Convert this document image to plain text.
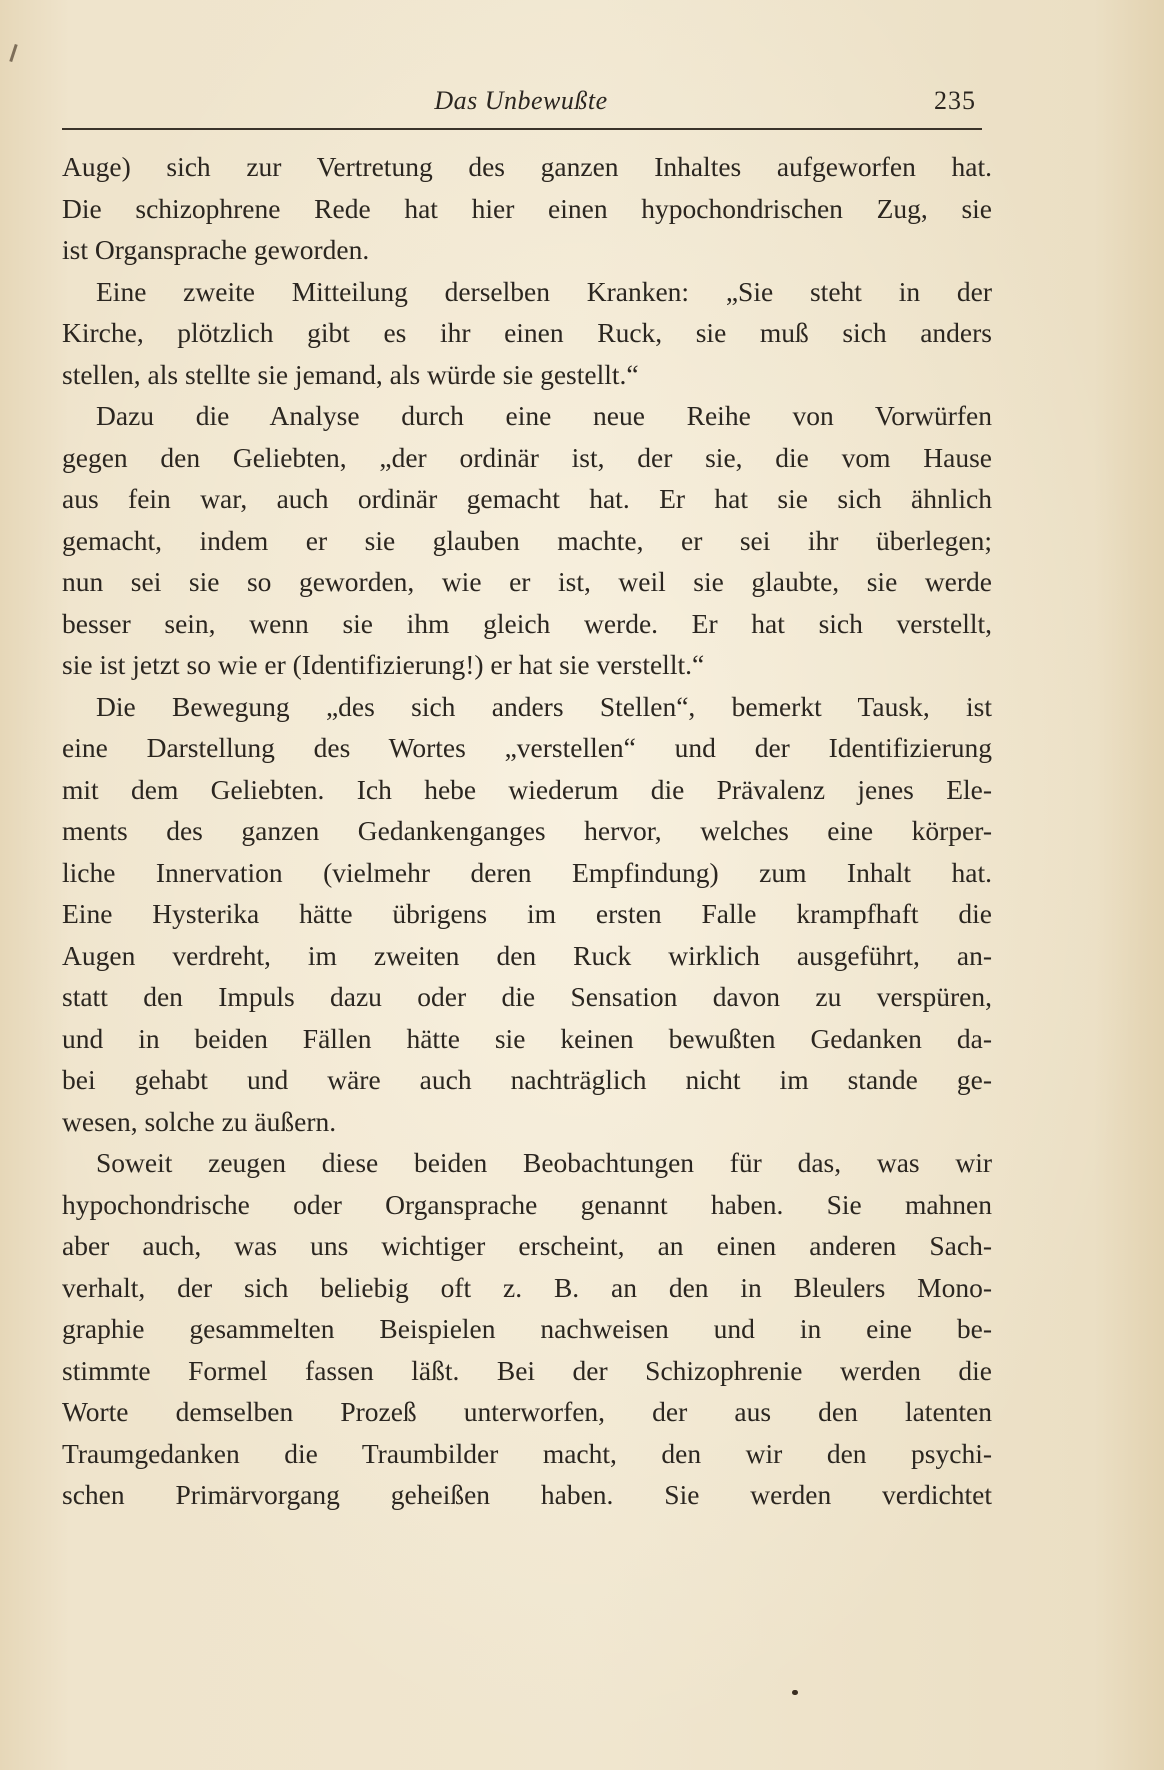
Das Unbewußte	235
Auge) sich zur Vertretung des ganzen Inhaltes aufgeworfen hat.
Die schizophrene Rede hat hier einen hypochondrischen Zug, sie
ist Organsprache geworden.
Eine zweite Mitteilung derselben Kranken: „Sie steht in der
Kirche, plötzlich gibt es ihr einen Ruck, sie muß sich anders
stellen, als stellte sie jemand, als würde sie gestellt.“
Dazu die Analyse durch eine neue Reihe von Vorwürfen
gegen den Geliebten, „der ordinär ist, der sie, die vom Hause
aus fein war, auch ordinär gemacht hat. Er hat sie sich ähnlich
gemacht, indem er sie glauben machte, er sei ihr überlegen;
nun sei sie so geworden, wie er ist, weil sie glaubte, sie werde
besser sein, wenn sie ihm gleich werde. Er hat sich verstellt,
sie ist jetzt so wie er (Identifizierung!) er hat sie verstellt.“
Die Bewegung „des sich anders Stellen“, bemerkt Tausk, ist
eine Darstellung des Wortes „verstellen“ und der Identifizierung
mit dem Geliebten. Ich hebe wiederum die Prävalenz jenes Ele-
ments des ganzen Gedankenganges hervor, welches eine körper-
liche Innervation (vielmehr deren Empfindung) zum Inhalt hat.
Eine Hysterika hätte übrigens im ersten Falle krampfhaft die
Augen verdreht, im zweiten den Ruck wirklich ausgeführt, an-
statt den Impuls dazu oder die Sensation davon zu verspüren,
und in beiden Fällen hätte sie keinen bewußten Gedanken da-
bei gehabt und wäre auch nachträglich nicht im stande ge-
wesen, solche zu äußern.
Soweit zeugen diese beiden Beobachtungen für das, was wir
hypochondrische oder Organsprache genannt haben. Sie mahnen
aber auch, was uns wichtiger erscheint, an einen anderen Sach-
verhalt, der sich beliebig oft z. B. an den in Bleulers Mono-
graphie gesammelten Beispielen nachweisen und in eine be-
stimmte Formel fassen läßt. Bei der Schizophrenie werden die
Worte demselben Prozeß unterworfen, der aus den latenten
Traumgedanken die Traumbilder macht, den wir den psychi-
schen Primärvorgang geheißen haben. Sie werden verdichtet
